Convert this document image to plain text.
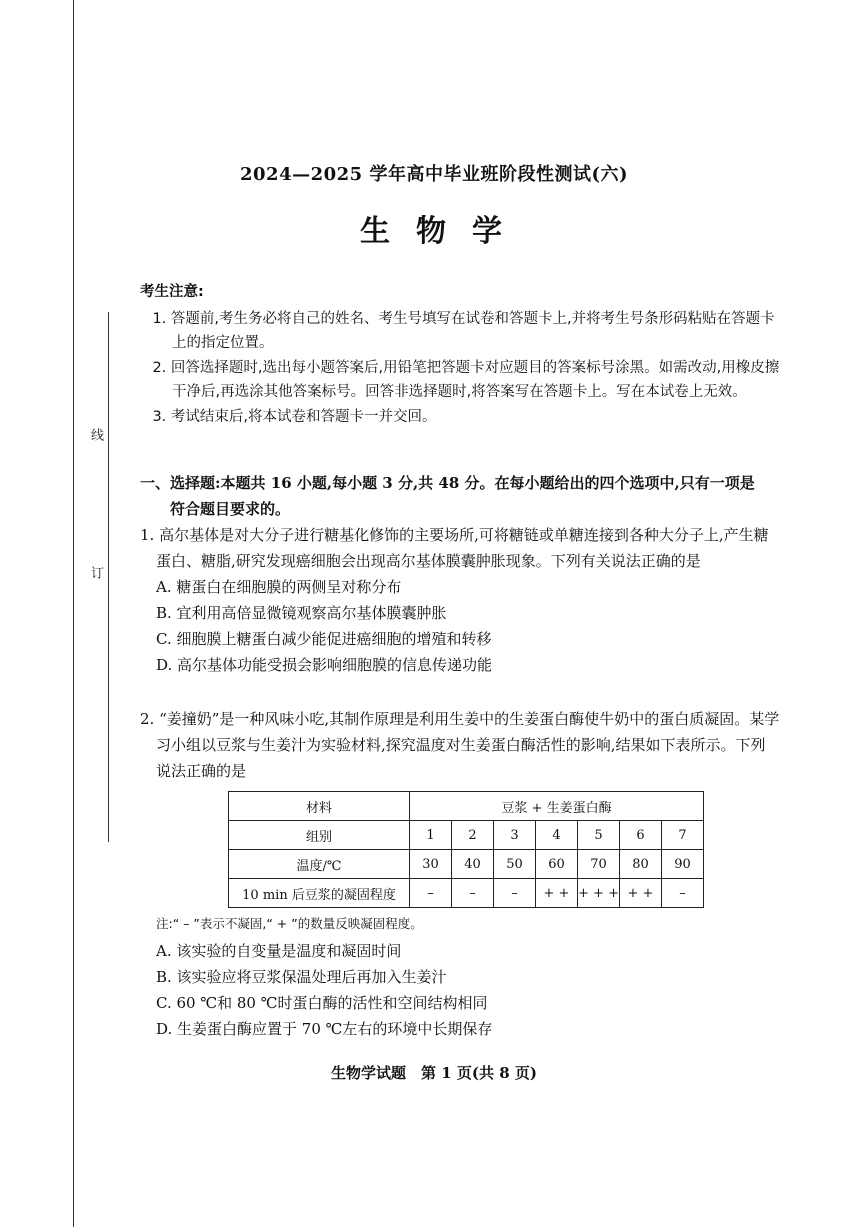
线
订
2024—2025 学年高中毕业班阶段性测试(六)
生物学
考生注意:
1. 答题前,考生务必将自己的姓名、考生号填写在试卷和答题卡上,并将考生号条形码粘贴在答题卡上的指定位置。
2. 回答选择题时,选出每小题答案后,用铅笔把答题卡对应题目的答案标号涂黑。如需改动,用橡皮擦干净后,再选涂其他答案标号。回答非选择题时,将答案写在答题卡上。写在本试卷上无效。
3. 考试结束后,将本试卷和答题卡一并交回。
一、选择题:本题共 16 小题,每小题 3 分,共 48 分。在每小题给出的四个选项中,只有一项是
符合题目要求的。
1. 高尔基体是对大分子进行糖基化修饰的主要场所,可将糖链或单糖连接到各种大分子上,产生糖蛋白、糖脂,研究发现癌细胞会出现高尔基体膜囊肿胀现象。下列有关说法正确的是
A. 糖蛋白在细胞膜的两侧呈对称分布
B. 宜利用高倍显微镜观察高尔基体膜囊肿胀
C. 细胞膜上糖蛋白减少能促进癌细胞的增殖和转移
D. 高尔基体功能受损会影响细胞膜的信息传递功能
2. “姜撞奶”是一种风味小吃,其制作原理是利用生姜中的生姜蛋白酶使牛奶中的蛋白质凝固。某学习小组以豆浆与生姜汁为实验材料,探究温度对生姜蛋白酶活性的影响,结果如下表所示。下列说法正确的是
材料	豆浆 + 生姜蛋白酶						
组别	1	2	3	4	5	6	7
温度/℃	30	40	50	60	70	80	90
10 min 后豆浆的凝固程度	–	–	–	+ +	+ + +	+ +	–
注:“ – ”表示不凝固,“ + ”的数量反映凝固程度。
A. 该实验的自变量是温度和凝固时间
B. 该实验应将豆浆保温处理后再加入生姜汁
C. 60 ℃和 80 ℃时蛋白酶的活性和空间结构相同
D. 生姜蛋白酶应置于 70 ℃左右的环境中长期保存
生物学试题　第 1 页(共 8 页)
